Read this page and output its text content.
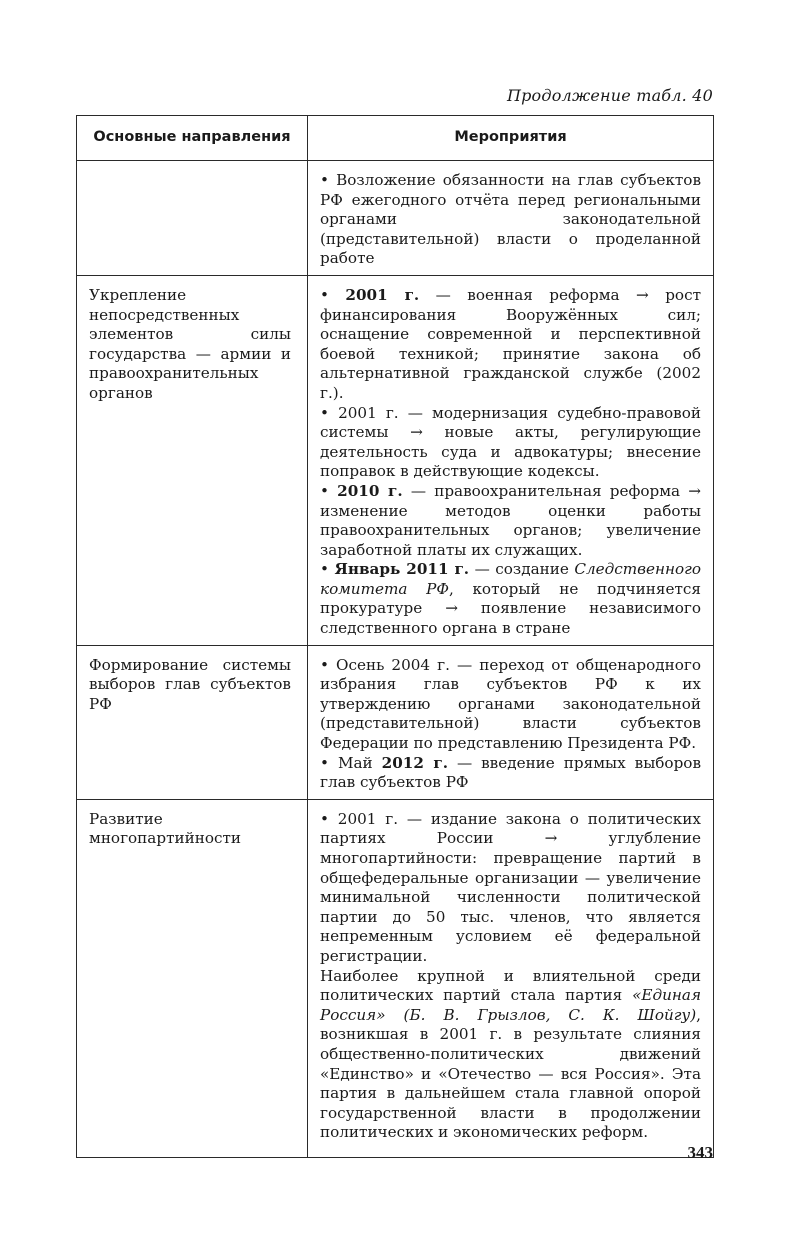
Продолжение табл. 40
Основные направления	Мероприятия

	• Возложение обязанности на глав субъектов РФ ежегодного отчёта перед региональными органами законодательной (представительной) власти о проделанной работе

Укрепление непосредственных элементов силы государства — армии и правоохранительных органов	• 2001 г. — военная реформа → рост финансирования Вооружённых сил; оснащение современной и перспективной боевой техникой; принятие закона об альтернативной гражданской службе (2002 г.).

• 2001 г. — модернизация судебно-правовой системы → новые акты, регулирующие деятельность суда и адвокатуры; внесение поправок в действующие кодексы.

• 2010 г. — правоохранительная реформа → изменение методов оценки работы правоохранительных органов; увеличение заработной платы их служащих.

• Январь 2011 г. — создание Следственного комитета РФ, который не подчиняется прокуратуре → появление независимого следственного органа в стране

Формирование системы выборов глав субъектов РФ	• Осень 2004 г. — переход от общенародного избрания глав субъектов РФ к их утверждению органами законодательной (представительной) власти субъектов Федерации по представлению Президента РФ.

• Май 2012 г. — введение прямых выборов глав субъектов РФ

Развитие многопартийности	• 2001 г. — издание закона о политических партиях России → углубление многопартийности: превращение партий в общефедеральные организации — увеличение минимальной численности политической партии до 50 тыс. членов, что является непременным условием её федеральной регистрации.

Наиболее крупной и влиятельной среди политических партий стала партия «Единая Россия» (Б. В. Грызлов, С. К. Шойгу), возникшая в 2001 г. в результате слияния общественно-политических движений «Единство» и «Отечество — вся Россия». Эта партия в дальнейшем стала главной опорой государственной власти в продолжении политических и экономических реформ.

343
